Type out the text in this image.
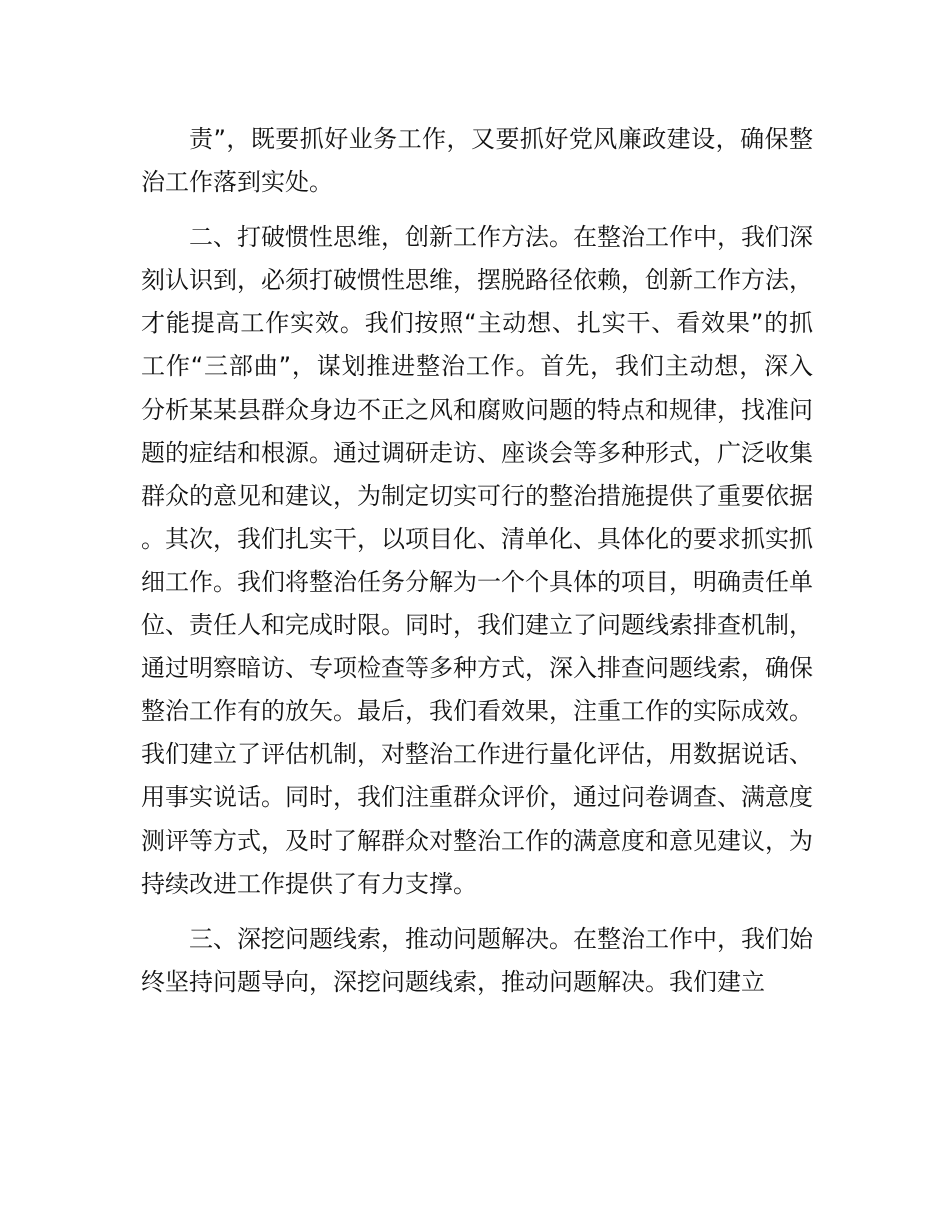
责”，既要抓好业务工作，又要抓好党风廉政建设，确保整治工作落到实处。

二、打破惯性思维，创新工作方法。在整治工作中，我们深刻认识到，必须打破惯性思维，摆脱路径依赖，创新工作方法，才能提高工作实效。我们按照“主动想、扎实干、看效果”的抓工作“三部曲”，谋划推进整治工作。首先，我们主动想，深入分析某某县群众身边不正之风和腐败问题的特点和规律，找准问题的症结和根源。通过调研走访、座谈会等多种形式，广泛收集群众的意见和建议，为制定切实可行的整治措施提供了重要依据。其次，我们扎实干，以项目化、清单化、具体化的要求抓实抓细工作。我们将整治任务分解为一个个具体的项目，明确责任单位、责任人和完成时限。同时，我们建立了问题线索排查机制，通过明察暗访、专项检查等多种方式，深入排查问题线索，确保整治工作有的放矢。最后，我们看效果，注重工作的实际成效。我们建立了评估机制，对整治工作进行量化评估，用数据说话、用事实说话。同时，我们注重群众评价，通过问卷调查、满意度测评等方式，及时了解群众对整治工作的满意度和意见建议，为持续改进工作提供了有力支撑。

三、深挖问题线索，推动问题解决。在整治工作中，我们始终坚持问题导向，深挖问题线索，推动问题解决。我们建立
